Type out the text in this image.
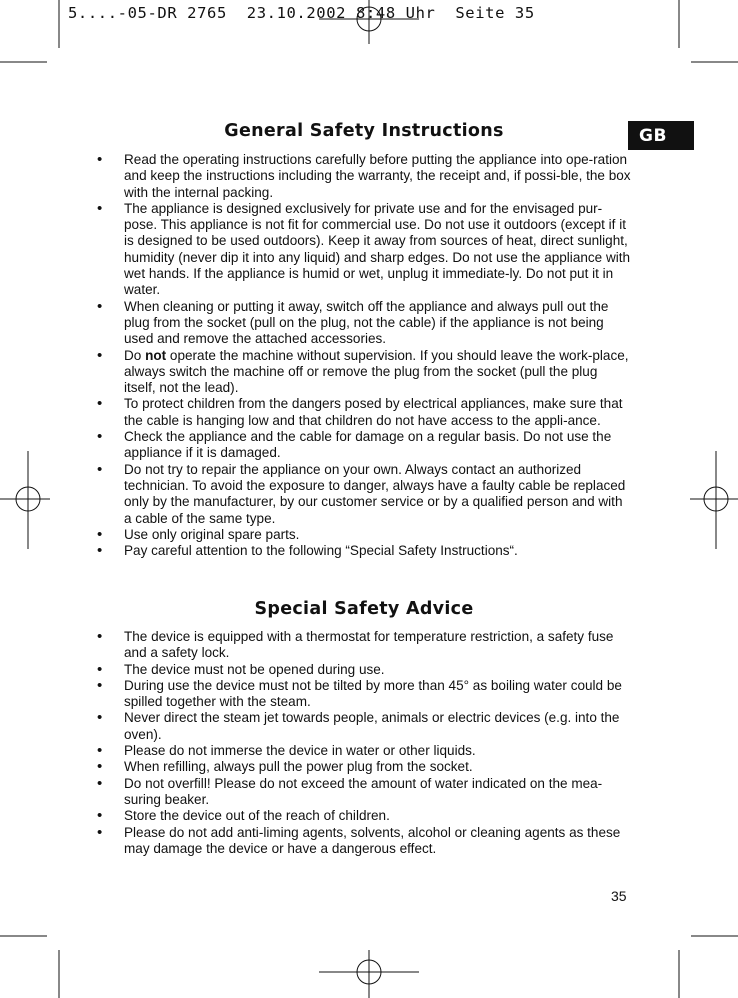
5....-05-DR 2765  23.10.2002 8:48 Uhr  Seite 35
GB
General Safety Instructions
• Read the operating instructions carefully before putting the appliance into ope-ration and keep the instructions including the warranty, the receipt and, if possi-ble, the box with the internal packing.
• The appliance is designed exclusively for private use and for the envisaged pur-pose. This appliance is not fit for commercial use. Do not use it outdoors (except if it is designed to be used outdoors). Keep it away from sources of heat, direct sunlight, humidity (never dip it into any liquid) and sharp edges. Do not use the appliance with wet hands. If the appliance is humid or wet, unplug it immediate-ly. Do not put it in water.
• When cleaning or putting it away, switch off the appliance and always pull out the plug from the socket (pull on the plug, not the cable) if the appliance is not being used and remove the attached accessories.
• Do not operate the machine without supervision. If you should leave the work-place, always switch the machine off or remove the plug from the socket (pull the plug itself, not the lead).
• To protect children from the dangers posed by electrical appliances, make sure that the cable is hanging low and that children do not have access to the appli-ance.
• Check the appliance and the cable for damage on a regular basis. Do not use the appliance if it is damaged.
• Do not try to repair the appliance on your own. Always contact an authorized technician. To avoid the exposure to danger, always have a faulty cable be replaced only by the manufacturer, by our customer service or by a qualified person and with a cable of the same type.
• Use only original spare parts.
• Pay careful attention to the following “Special Safety Instructions“.
Special Safety Advice
• The device is equipped with a thermostat for temperature restriction, a safety fuse and a safety lock.
• The device must not be opened during use.
• During use the device must not be tilted by more than 45° as boiling water could be spilled together with the steam.
• Never direct the steam jet towards people, animals or electric devices (e.g. into the oven).
• Please do not immerse the device in water or other liquids.
• When refilling, always pull the power plug from the socket.
• Do not overfill! Please do not exceed the amount of water indicated on the mea-suring beaker.
• Store the device out of the reach of children.
• Please do not add anti-liming agents, solvents, alcohol or cleaning agents as these may damage the device or have a dangerous effect.
35
